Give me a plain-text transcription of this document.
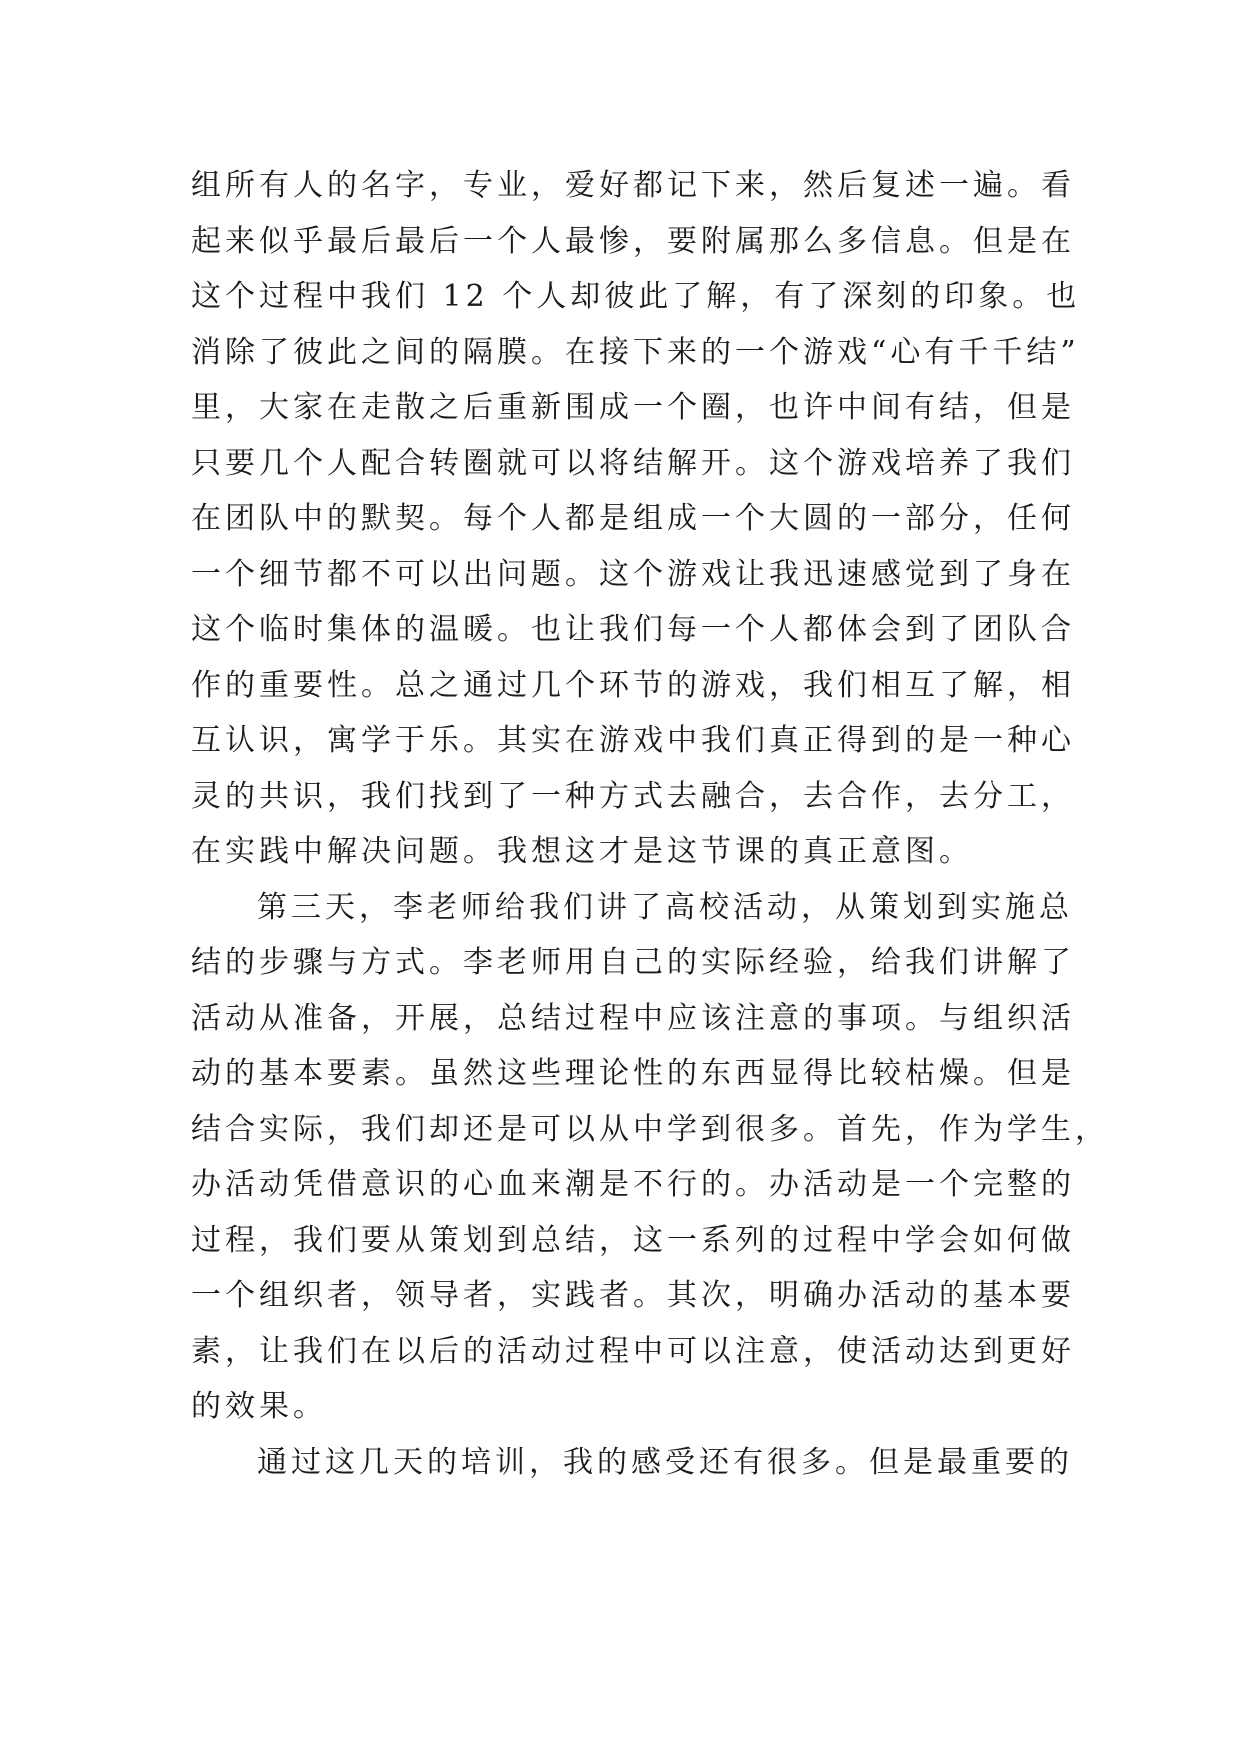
组所有人的名字，专业，爱好都记下来，然后复述一遍。看
起来似乎最后最后一个人最惨，要附属那么多信息。但是在
这个过程中我们 12 个人却彼此了解，有了深刻的印象。也
消除了彼此之间的隔膜。在接下来的一个游戏“心有千千结”
里，大家在走散之后重新围成一个圈，也许中间有结，但是
只要几个人配合转圈就可以将结解开。这个游戏培养了我们
在团队中的默契。每个人都是组成一个大圆的一部分，任何
一个细节都不可以出问题。这个游戏让我迅速感觉到了身在
这个临时集体的温暖。也让我们每一个人都体会到了团队合
作的重要性。总之通过几个环节的游戏，我们相互了解，相
互认识，寓学于乐。其实在游戏中我们真正得到的是一种心
灵的共识，我们找到了一种方式去融合，去合作，去分工，
在实践中解决问题。我想这才是这节课的真正意图。
第三天，李老师给我们讲了高校活动，从策划到实施总
结的步骤与方式。李老师用自己的实际经验，给我们讲解了
活动从准备，开展，总结过程中应该注意的事项。与组织活
动的基本要素。虽然这些理论性的东西显得比较枯燥。但是
结合实际，我们却还是可以从中学到很多。首先，作为学生，
办活动凭借意识的心血来潮是不行的。办活动是一个完整的
过程，我们要从策划到总结，这一系列的过程中学会如何做
一个组织者，领导者，实践者。其次，明确办活动的基本要
素，让我们在以后的活动过程中可以注意，使活动达到更好
的效果。
通过这几天的培训，我的感受还有很多。但是最重要的
